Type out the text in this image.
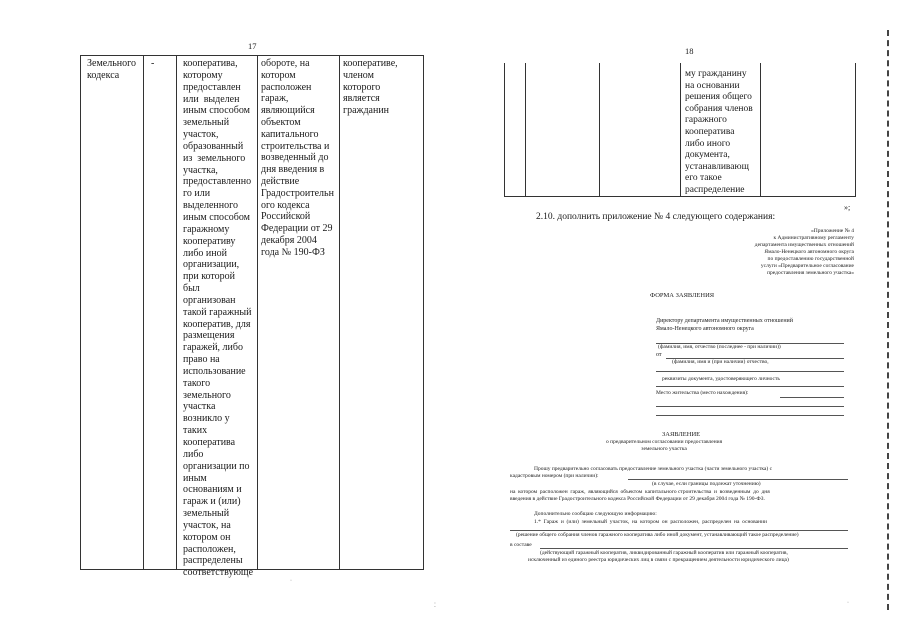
17
Земельного
кодекса
-	кооператива,
которому
предоставлен
или  выделен
иным способом
земельный
участок,
образованный
из  земельного
участка,
предоставленно
го или
выделенного
иным способом
гаражному
кооперативу
либо иной
организации,
при которой
был
организован
такой гаражный
кооператив, для
размещения
гаражей, либо
право на
использование
такого
земельного
участка
возникло у
таких
кооператива
либо
организации по
иным
основаниям и
гараж и (или)
земельный
участок, на
котором он
расположен,
распределены
соответствующе
обороте, на
котором
расположен
гараж,
являющийся
объектом
капитального
строительства и
возведенный до
дня введения в
действие
Градостроительн
ого кодекса
Российской
Федерации от 29
декабря 2004
года № 190-ФЗ
кооперативе,
членом
которого
является
гражданин
·
⁚
18
му гражданину
на основании
решения общего
собрания членов
гаражного
кооператива
либо иного
документа,
устанавливающ
его такое
распределение
»;
2.10. дополнить приложение № 4 следующего содержания:
«Приложение № 4
к Административному регламенту
департамента имущественных отношений
Ямало-Ненецкого автономного округа
по предоставлению государственной
услуги «Предварительное согласование
предоставления земельного участка»
ФОРМА ЗАЯВЛЕНИЯ
Директору департамента имущественных отношений
Ямало-Ненецкого автономного округа
(фамилия, имя, отчество (последнее - при наличии))
от
(фамилия, имя и (при наличии) отчество,
реквизиты документа, удостоверяющего личность
Место жительства (место нахождения):
ЗАЯВЛЕНИЕ
о предварительном согласовании предоставления
земельного участка
Прошу предварительно согласовать предоставление земельного участка (части земельного участка) с
кадастровым номером (при наличии):
(в случае, если границы подлежат уточнению)
на  котором  расположен  гараж,  являющийся  объектом  капитального строительства  и  возведенным  до  дня
введения в действие Градостроительного кодекса Российской Федерации от 29 декабря 2004 года № 190-ФЗ.
Дополнительно сообщаю следующую информацию:
1.*  Гараж  и  (или)  земельный  участок,  на  котором  он  расположен,  распределен  на  основании
(решение общего собрания членов гаражного кооператива либо иной документ, устанавливающий такое распределение)
в составе
(действующий гаражный кооператив, ликвидированный гаражный кооператив или гаражный кооператив,
исключенный из единого реестра юридических лиц в связи с прекращением деятельности юридического лица)
·
